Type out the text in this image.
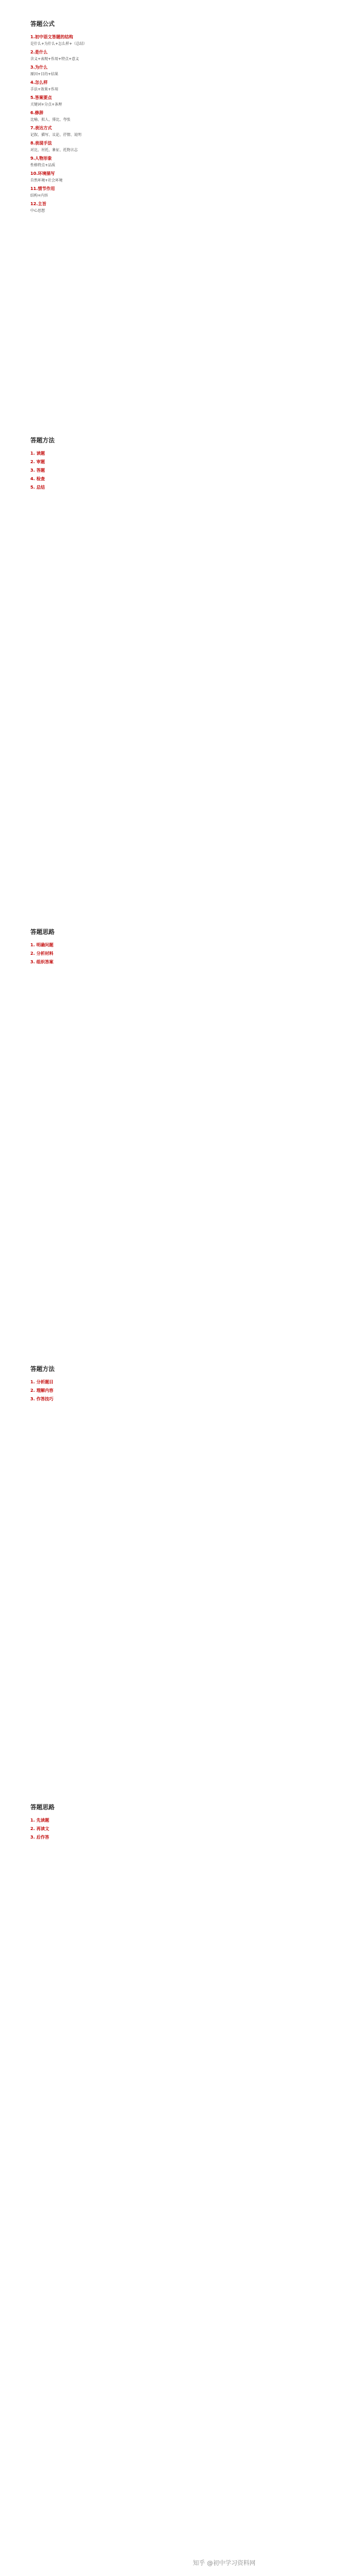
答题公式
1.初中语文答题的结构
是什么+为什么+怎么样+（总结）
2.是什么
含义+表现+作用+特点+意义
3.为什么
原因+目的+结果
4.怎么样
手法+效果+作用
5.答案要点
关键词+分点+条理
6.修辞
比喻、拟人、排比、夸张
7.表达方式
记叙、描写、议论、抒情、说明
8.表现手法
对比、衬托、象征、托物言志
9.人物形象
性格特点+品质
10.环境描写
自然环境+社会环境
11.情节作用
结构+内容
12.主旨
中心思想
答题方法
1. 读题
2. 审题
3. 答题
4. 检查
5. 总结
答题思路
1. 明确问题
2. 分析材料
3. 组织答案
答题方法
1. 分析题目
2. 理解内容
3. 作答技巧
答题思路
1. 先读题
2. 再读文
3. 后作答
知乎 @初中学习资料网
